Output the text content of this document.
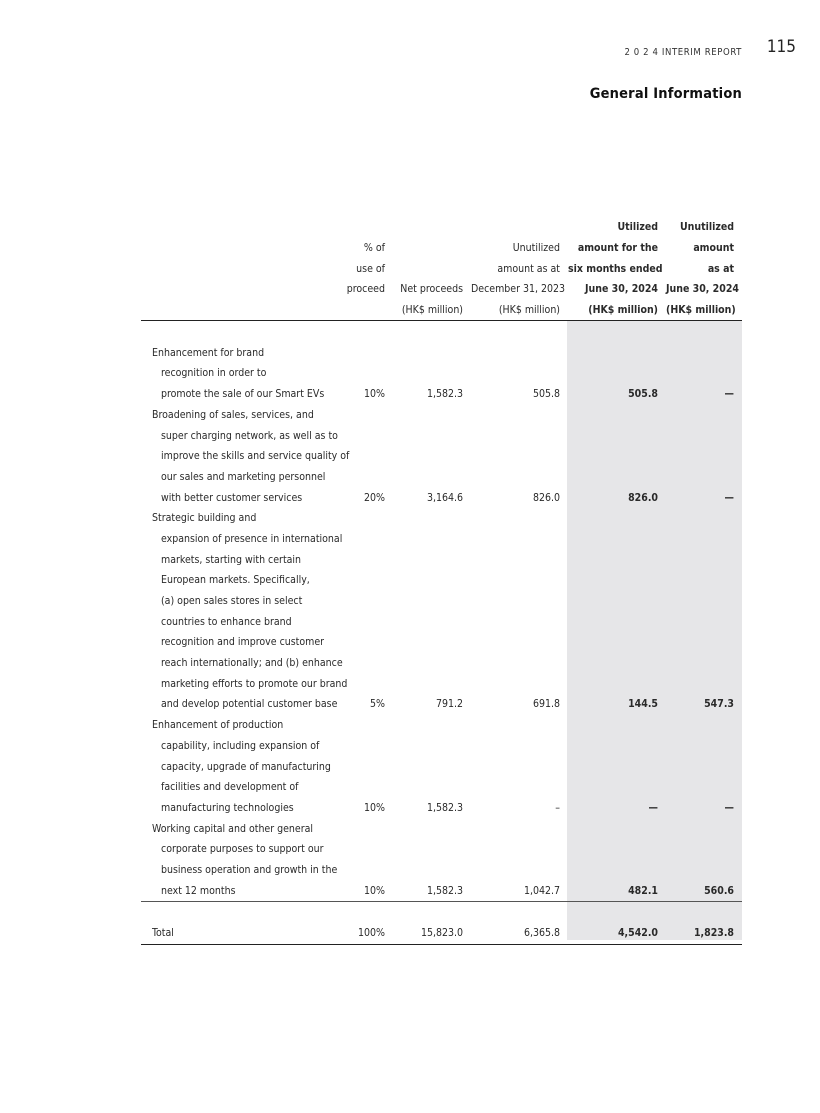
2 0 2 4 INTERIM REPORT 115
General Information
				Utilized	Unutilized
	% of		Unutilized	amount for the	amount
	use of		amount as at	six months ended	as at
	proceed	Net proceeds	December 31, 2023	June 30, 2024	June 30, 2024
		(HK$ million)	(HK$ million)	(HK$ million)	(HK$ million)

Enhancement for brand					
recognition in order to					
promote the sale of our Smart EVs	10%	1,582.3	505.8	505.8	—
Broadening of sales, services, and					
super charging network, as well as to					
improve the skills and service quality of					
our sales and marketing personnel					
with better customer services	20%	3,164.6	826.0	826.0	—
Strategic building and					
expansion of presence in international					
markets, starting with certain					
European markets. Specifically,					
(a) open sales stores in select					
countries to enhance brand					
recognition and improve customer					
reach internationally; and (b) enhance					
marketing efforts to promote our brand					
and develop potential customer base	5%	791.2	691.8	144.5	547.3
Enhancement of production					
capability, including expansion of					
capacity, upgrade of manufacturing					
facilities and development of					
manufacturing technologies	10%	1,582.3	–	—	—
Working capital and other general					
corporate purposes to support our					
business operation and growth in the					
next 12 months	10%	1,582.3	1,042.7	482.1	560.6

Total	100%	15,823.0	6,365.8	4,542.0	1,823.8
